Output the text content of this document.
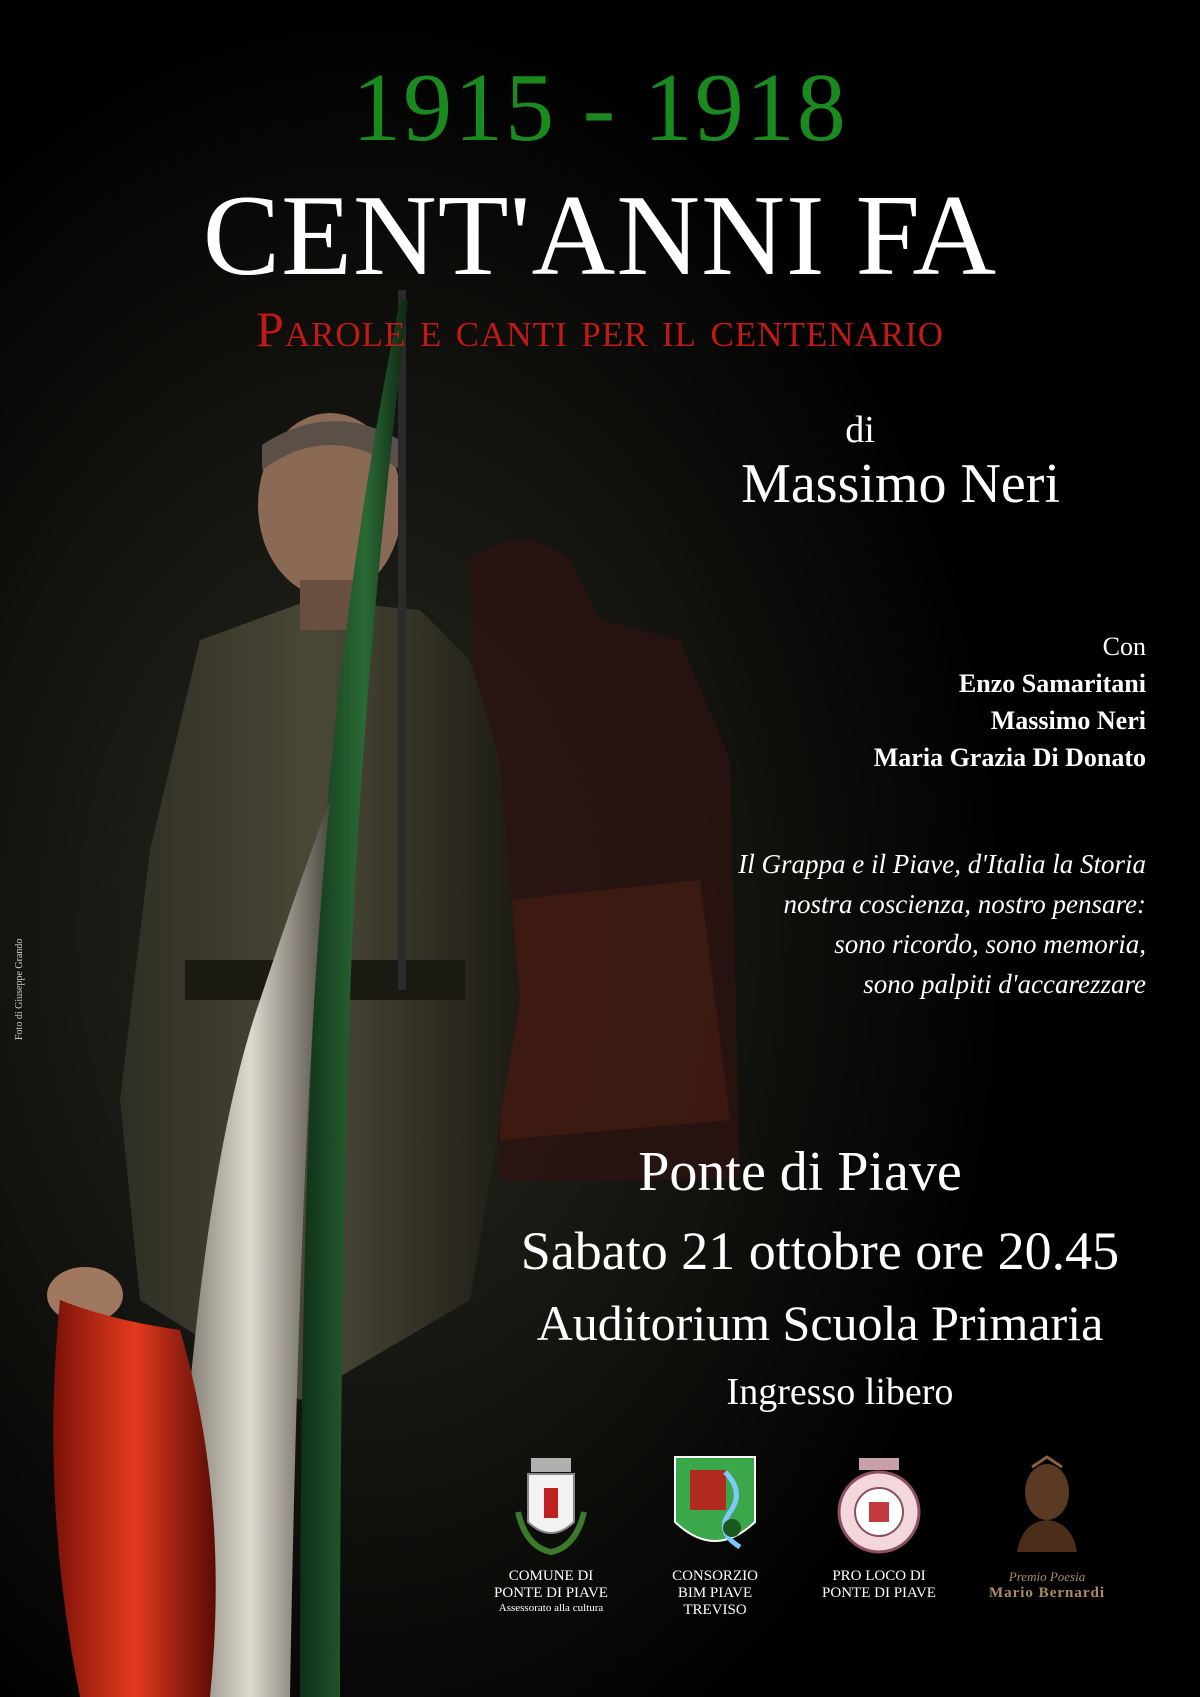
1915 - 1918
CENT'ANNI FA
Parole e canti per il centenario
di
Massimo Neri
Con
Enzo Samaritani
Massimo Neri
Maria Grazia Di Donato
Il Grappa e il Piave, d'Italia la Storia
nostra coscienza, nostro pensare:
sono ricordo, sono memoria,
sono palpiti d'accarezzare
Ponte di Piave
Sabato 21 ottobre ore 20.45
Auditorium Scuola Primaria
Ingresso libero
Foto di Giuseppe Grando
COMUNE DI
PONTE DI PIAVE
Assessorato alla cultura
CONSORZIO
BIM PIAVE
TREVISO
PRO LOCO DI
PONTE DI PIAVE
Premio Poesia
Mario Bernardi
